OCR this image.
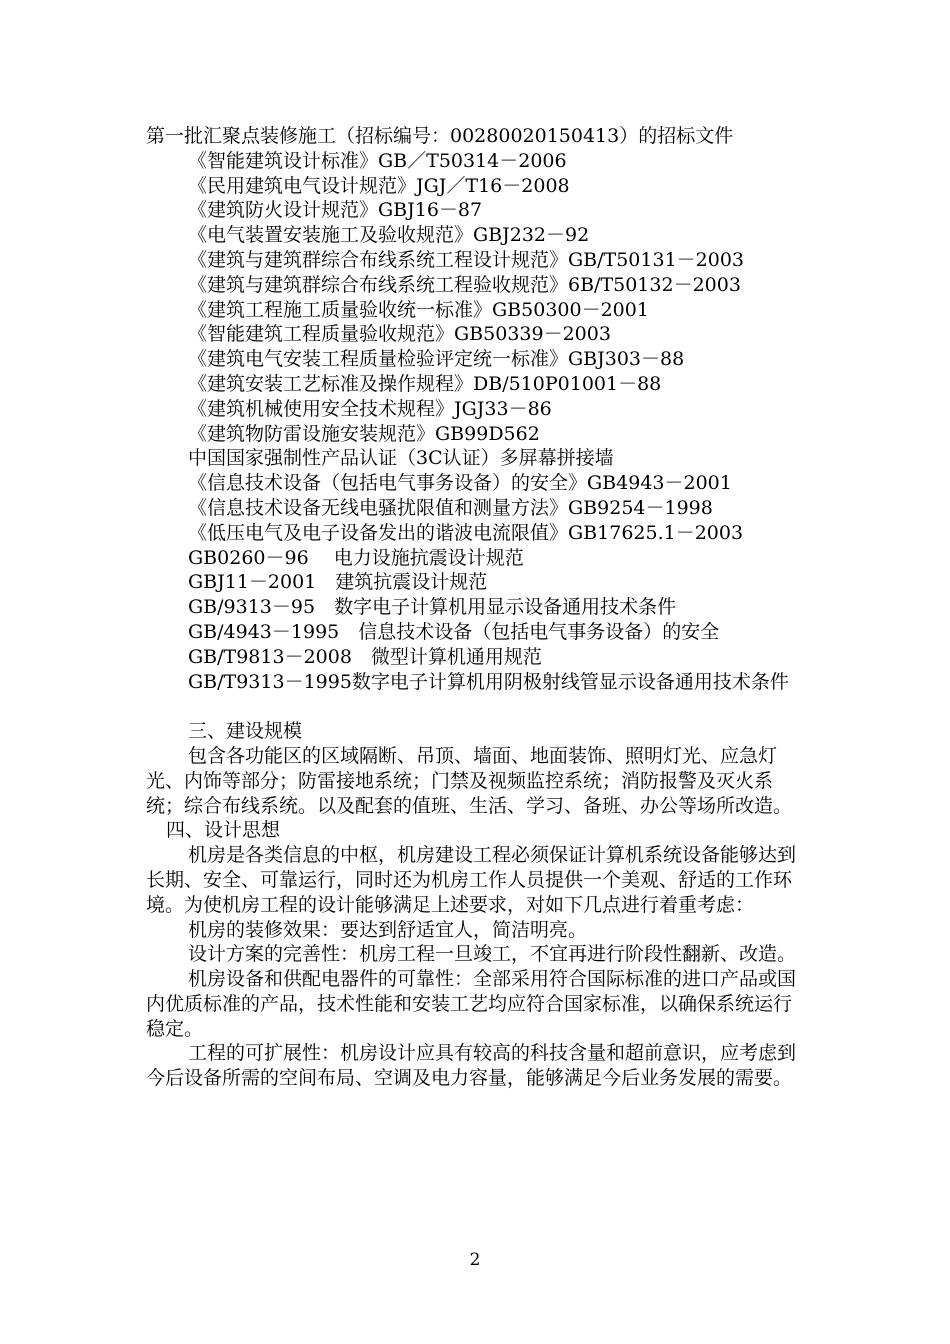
第一批汇聚点装修施工（招标编号：00280020150413）的招标文件
《智能建筑设计标准》GB／T50314－2006
《民用建筑电气设计规范》JGJ／T16－2008
《建筑防火设计规范》GBJ16－87
《电气装置安装施工及验收规范》GBJ232－92
《建筑与建筑群综合布线系统工程设计规范》GB/T50131－2003
《建筑与建筑群综合布线系统工程验收规范》6B/T50132－2003
《建筑工程施工质量验收统一标准》GB50300－2001
《智能建筑工程质量验收规范》GB50339－2003
《建筑电气安装工程质量检验评定统一标准》GBJ303－88
《建筑安装工艺标准及操作规程》DB/510P01001－88
《建筑机械使用安全技术规程》JGJ33－86
《建筑物防雷设施安装规范》GB99D562
中国国家强制性产品认证（3C认证）多屏幕拼接墙
《信息技术设备（包括电气事务设备）的安全》GB4943－2001
《信息技术设备无线电骚扰限值和测量方法》GB9254－1998
《低压电气及电子设备发出的谐波电流限值》GB17625.1－2003
GB0260－96　 电力设施抗震设计规范
GBJ11－2001　建筑抗震设计规范
GB/9313－95　数字电子计算机用显示设备通用技术条件
GB/4943－1995　信息技术设备（包括电气事务设备）的安全
GB/T9813－2008　微型计算机通用规范
GB/T9313－1995数字电子计算机用阴极射线管显示设备通用技术条件
三、建设规模
包含各功能区的区域隔断、吊顶、墙面、地面装饰、照明灯光、应急灯光、内饰等部分；防雷接地系统；门禁及视频监控系统；消防报警及灭火系统；综合布线系统。以及配套的值班、生活、学习、备班、办公等场所改造。
四、设计思想
机房是各类信息的中枢，机房建设工程必须保证计算机系统设备能够达到长期、安全、可靠运行，同时还为机房工作人员提供一个美观、舒适的工作环境。为使机房工程的设计能够满足上述要求，对如下几点进行着重考虑：
机房的装修效果：要达到舒适宜人，简洁明亮。
设计方案的完善性：机房工程一旦竣工，不宜再进行阶段性翻新、改造。
机房设备和供配电器件的可靠性：全部采用符合国际标准的进口产品或国内优质标准的产品，技术性能和安装工艺均应符合国家标准，以确保系统运行稳定。
工程的可扩展性：机房设计应具有较高的科技含量和超前意识，应考虑到今后设备所需的空间布局、空调及电力容量，能够满足今后业务发展的需要。
2
